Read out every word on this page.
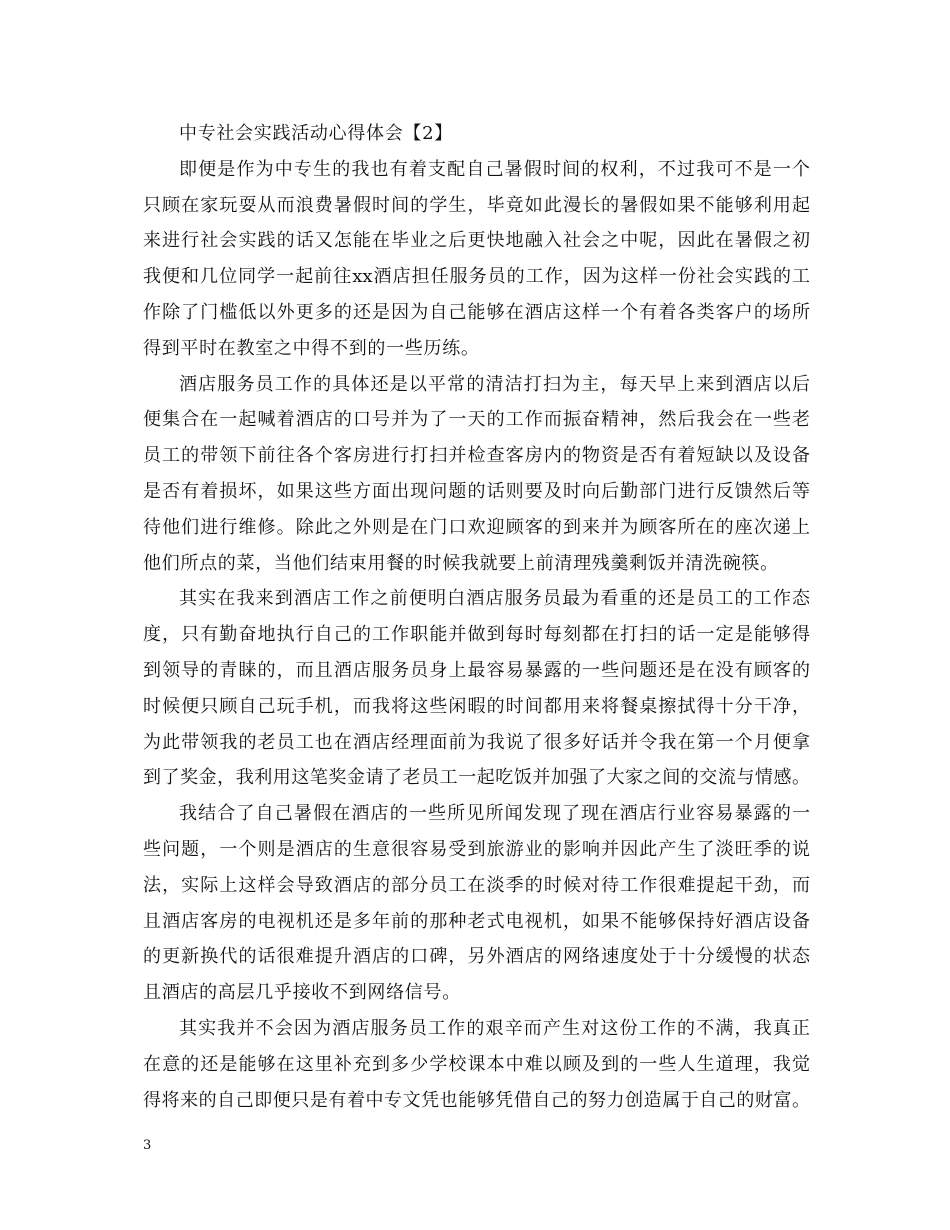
中专社会实践活动心得体会【2】
即便是作为中专生的我也有着支配自己暑假时间的权利，不过我可不是一个
只顾在家玩耍从而浪费暑假时间的学生，毕竟如此漫长的暑假如果不能够利用起
来进行社会实践的话又怎能在毕业之后更快地融入社会之中呢，因此在暑假之初
我便和几位同学一起前往xx酒店担任服务员的工作，因为这样一份社会实践的工
作除了门槛低以外更多的还是因为自己能够在酒店这样一个有着各类客户的场所
得到平时在教室之中得不到的一些历练。
酒店服务员工作的具体还是以平常的清洁打扫为主，每天早上来到酒店以后
便集合在一起喊着酒店的口号并为了一天的工作而振奋精神，然后我会在一些老
员工的带领下前往各个客房进行打扫并检查客房内的物资是否有着短缺以及设备
是否有着损坏，如果这些方面出现问题的话则要及时向后勤部门进行反馈然后等
待他们进行维修。除此之外则是在门口欢迎顾客的到来并为顾客所在的座次递上
他们所点的菜，当他们结束用餐的时候我就要上前清理残羹剩饭并清洗碗筷。
其实在我来到酒店工作之前便明白酒店服务员最为看重的还是员工的工作态
度，只有勤奋地执行自己的工作职能并做到每时每刻都在打扫的话一定是能够得
到领导的青睐的，而且酒店服务员身上最容易暴露的一些问题还是在没有顾客的
时候便只顾自己玩手机，而我将这些闲暇的时间都用来将餐桌擦拭得十分干净，
为此带领我的老员工也在酒店经理面前为我说了很多好话并令我在第一个月便拿
到了奖金，我利用这笔奖金请了老员工一起吃饭并加强了大家之间的交流与情感。
我结合了自己暑假在酒店的一些所见所闻发现了现在酒店行业容易暴露的一
些问题，一个则是酒店的生意很容易受到旅游业的影响并因此产生了淡旺季的说
法，实际上这样会导致酒店的部分员工在淡季的时候对待工作很难提起干劲，而
且酒店客房的电视机还是多年前的那种老式电视机，如果不能够保持好酒店设备
的更新换代的话很难提升酒店的口碑，另外酒店的网络速度处于十分缓慢的状态
且酒店的高层几乎接收不到网络信号。
其实我并不会因为酒店服务员工作的艰辛而产生对这份工作的不满，我真正
在意的还是能够在这里补充到多少学校课本中难以顾及到的一些人生道理，我觉
得将来的自己即便只是有着中专文凭也能够凭借自己的努力创造属于自己的财富。
3
